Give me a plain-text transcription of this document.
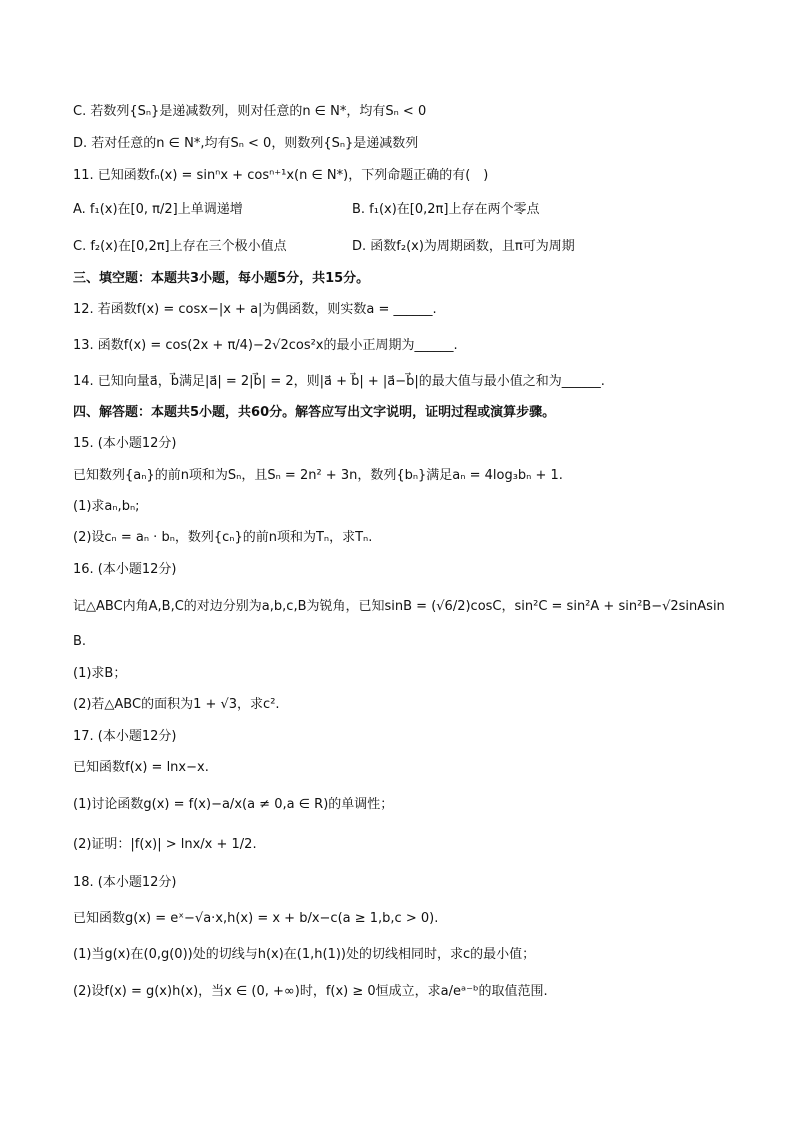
C. 若数列{Sₙ}是递减数列，则对任意的n ∈ N*，均有Sₙ < 0
D. 若对任意的n ∈ N*,均有Sₙ < 0，则数列{Sₙ}是递减数列
11. 已知函数fₙ(x) = sinⁿx + cosⁿ⁺¹x(n ∈ N*)，下列命题正确的有(　)
A. f₁(x)在[0, π/2]上单调递增	B. f₁(x)在[0,2π]上存在两个零点
C. f₂(x)在[0,2π]上存在三个极小值点	D. 函数f₂(x)为周期函数，且π可为周期
三、填空题：本题共3小题，每小题5分，共15分。
12. 若函数f(x) = cosx−|x + a|为偶函数，则实数a = ______.
13. 函数f(x) = cos(2x + π/4)−2√2cos²x的最小正周期为______.
14. 已知向量a⃗，b⃗满足|a⃗| = 2|b⃗| = 2，则|a⃗ + b⃗| + |a⃗−b⃗|的最大值与最小值之和为______.
四、解答题：本题共5小题，共60分。解答应写出文字说明，证明过程或演算步骤。
15. (本小题12分)
已知数列{aₙ}的前n项和为Sₙ，且Sₙ = 2n² + 3n，数列{bₙ}满足aₙ = 4log₃bₙ + 1.
(1)求aₙ,bₙ;
(2)设cₙ = aₙ · bₙ，数列{cₙ}的前n项和为Tₙ，求Tₙ.
16. (本小题12分)
记△ABC内角A,B,C的对边分别为a,b,c,B为锐角，已知sinB = (√6/2)cosC，sin²C = sin²A + sin²B−√2sinAsin
B.
(1)求B；
(2)若△ABC的面积为1 + √3，求c².
17. (本小题12分)
已知函数f(x) = lnx−x.
(1)讨论函数g(x) = f(x)−a/x(a ≠ 0,a ∈ R)的单调性；
(2)证明：|f(x)| > lnx/x + 1/2.
18. (本小题12分)
已知函数g(x) = eˣ−√a·x,h(x) = x + b/x−c(a ≥ 1,b,c > 0).
(1)当g(x)在(0,g(0))处的切线与h(x)在(1,h(1))处的切线相同时，求c的最小值；
(2)设f(x) = g(x)h(x)，当x ∈ (0, +∞)时，f(x) ≥ 0恒成立，求a/eᵃ⁻ᵇ的取值范围.
